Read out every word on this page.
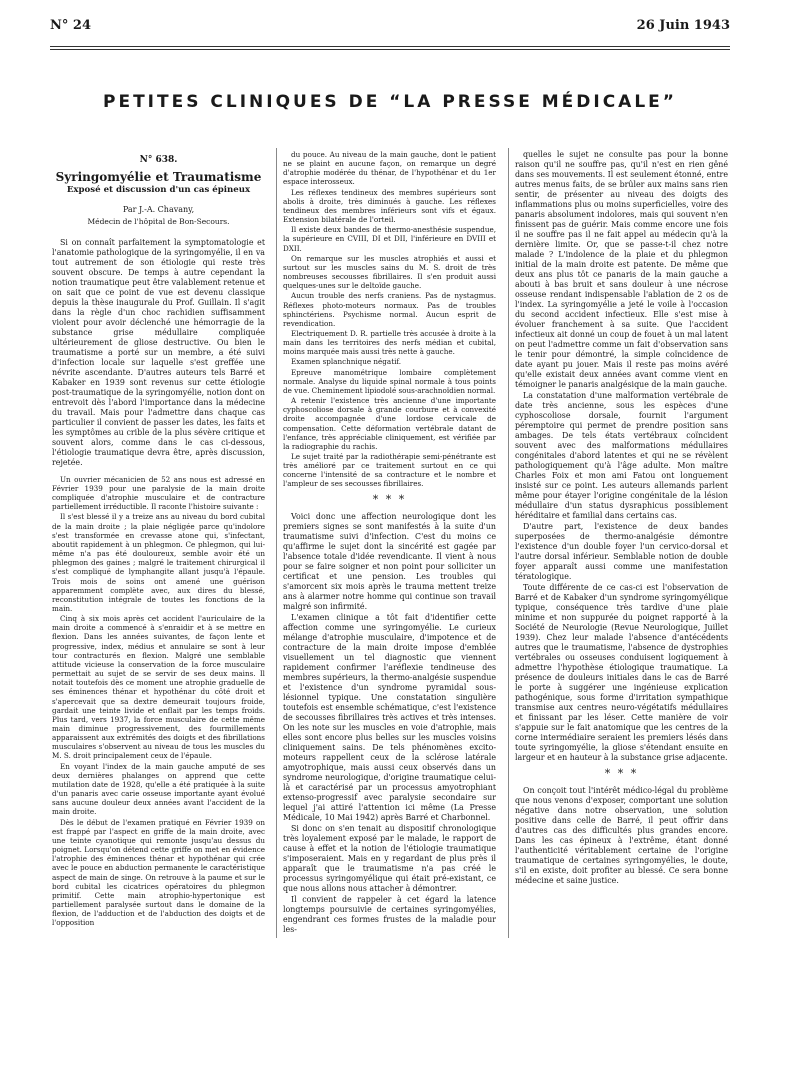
N° 24	26 Juin 1943
PETITES CLINIQUES DE “LA PRESSE MÉDICALE”
N° 638.
Syringomyélie et Traumatisme
Exposé et discussion d'un cas épineux
Par J.-A. Chavany,
Médecin de l'hôpital de Bon-Secours.

Si on connaît parfaitement la symptomatologie et l'anatomie pathologique de la syringomyélie, il en va tout autrement de son étiologie qui reste très souvent obscure. De temps à autre cependant la notion traumatique peut être valablement retenue et on sait que ce point de vue est devenu classique depuis la thèse inaugurale du Prof. Guillain. Il s'agit dans la règle d'un choc rachidien suffisamment violent pour avoir déclenché une hémorragie de la substance grise médullaire compliquée ultérieurement de gliose destructive. Ou bien le traumatisme a porté sur un membre, a été suivi d'infection locale sur laquelle s'est greffée une névrite ascendante. D'autres auteurs tels Barré et Kabaker en 1939 sont revenus sur cette étiologie post-traumatique de la syringomyélie, notion dont on entrevoit dès l'abord l'importance dans la médecine du travail. Mais pour l'admettre dans chaque cas particulier il convient de passer les dates, les faits et les symptômes au crible de la plus sévère critique et souvent alors, comme dans le cas ci-dessous, l'étiologie traumatique devra être, après discussion, rejetée.

Un ouvrier mécanicien de 52 ans nous est adressé en Février 1939 pour une paralysie de la main droite compliquée d'atrophie musculaire et de contracture partiellement irréductible. Il raconte l'histoire suivante :

Il s'est blessé il y a treize ans au niveau du bord cubital de la main droite ; la plaie négligée parce qu'indolore s'est transformée en crevasse atone qui, s'infectant, aboutit rapidement à un phlegmon. Ce phlegmon, qui lui-même n'a pas été douloureux, semble avoir été un phlegmon des gaines ; malgré le traitement chirurgical il s'est compliqué de lymphangite allant jusqu'à l'épaule. Trois mois de soins ont amené une guérison apparemment complète avec, aux dires du blessé, reconstitution intégrale de toutes les fonctions de la main.

Cinq à six mois après cet accident l'auriculaire de la main droite a commencé à s'enraidir et à se mettre en flexion. Dans les années suivantes, de façon lente et progressive, index, médius et annulaire se sont à leur tour contracturés en flexion. Malgré une semblable attitude vicieuse la conservation de la force musculaire permettait au sujet de se servir de ses deux mains. Il notait toutefois dès ce moment une atrophie graduelle de ses éminences thénar et hypothénar du côté droit et s'apercevait que sa dextre demeurait toujours froide, gardait une teinte livide et enflait par les temps froids. Plus tard, vers 1937, la force musculaire de cette même main diminue progressivement, des fourmillements apparaissent aux extrémités des doigts et des fibrillations musculaires s'observent au niveau de tous les muscles du M. S. droit principalement ceux de l'épaule.

En voyant l'index de la main gauche amputé de ses deux dernières phalanges on apprend que cette mutilation date de 1928, qu'elle a été pratiquée à la suite d'un panaris avec carie osseuse importante ayant évolué sans aucune douleur deux années avant l'accident de la main droite.

Dès le début de l'examen pratiqué en Février 1939 on est frappé par l'aspect en griffe de la main droite, avec une teinte cyanotique qui remonte jusqu'au dessus du poignet. Lorsqu'on détend cette griffe on met en évidence l'atrophie des éminences thénar et hypothénar qui crée avec le pouce en abduction permanente le caractéristique aspect de main de singe. On retrouve à la paume et sur le bord cubital les cicatrices opératoires du phlegmon primitif. Cette main atrophio-hypertonique est partiellement paralysée surtout dans le domaine de la flexion, de l'adduction et de l'abduction des doigts et de l'opposition

du pouce. Au niveau de la main gauche, dont le patient ne se plaint en aucune façon, on remarque un degré d'atrophie modérée du thénar, de l'hypothénar et du 1er espace interosseux.

Les réflexes tendineux des membres supérieurs sont abolis à droite, très diminués à gauche. Les réflexes tendineux des membres inférieurs sont vifs et égaux. Extension bilatérale de l'orteil.

Il existe deux bandes de thermo-anesthésie suspendue, la supérieure en CVIII, DI et DII, l'inférieure en DVIII et DXII.

On remarque sur les muscles atrophiés et aussi et surtout sur les muscles sains du M. S. droit de très nombreuses secousses fibrillaires. Il s'en produit aussi quelques-unes sur le deltoïde gauche.

Aucun trouble des nerfs craniens. Pas de nystagmus. Réflexes photo-moteurs normaux. Pas de troubles sphinctériens. Psychisme normal. Aucun esprit de revendication.

Electriquement D. R. partielle très accusée à droite à la main dans les territoires des nerfs médian et cubital, moins marquée mais aussi très nette à gauche.

Examen splanchnique négatif.

Epreuve manométrique lombaire complètement normale. Analyse du liquide spinal normale à tous points de vue. Cheminement lipiodolé sous-arachnoïdien normal.

A retenir l'existence très ancienne d'une importante cyphoscoliose dorsale à grande courbure et à convexité droite accompagnée d'une lordose cervicale de compensation. Cette déformation vertébrale datant de l'enfance, très appréciable cliniquement, est vérifiée par la radiographie du rachis.

Le sujet traité par la radiothérapie semi-pénétrante est très amélioré par ce traitement surtout en ce qui concerne l'intensité de sa contracture et le nombre et l'ampleur de ses secousses fibrillaires.

* * *

Voici donc une affection neurologique dont les premiers signes se sont manifestés à la suite d'un traumatisme suivi d'infection. C'est du moins ce qu'affirme le sujet dont la sincérité est gagée par l'absence totale d'idée revendicante. Il vient à nous pour se faire soigner et non point pour solliciter un certificat et une pension. Les troubles qui s'amorcent six mois après le trauma mettent treize ans à alarmer notre homme qui continue son travail malgré son infirmité.

L'examen clinique a tôt fait d'identifier cette affection comme une syringomyélie. Le curieux mélange d'atrophie musculaire, d'impotence et de contracture de la main droite impose d'emblée visuellement un tel diagnostic que viennent rapidement confirmer l'aréflexie tendineuse des membres supérieurs, la thermo-analgésie suspendue et l'existence d'un syndrome pyramidal sous-lésionnel typique. Une constatation singulière toutefois est ensemble schématique, c'est l'existence de secousses fibrillaires très actives et très intenses. On les note sur les muscles en voie d'atrophie, mais elles sont encore plus belles sur les muscles voisins cliniquement sains. De tels phénomènes excito-moteurs rappellent ceux de la sclérose latérale amyotrophique, mais aussi ceux observés dans un syndrome neurologique, d'origine traumatique celui-là et caractérisé par un processus amyotrophiant extenso-progressif avec paralysie secondaire sur lequel j'ai attiré l'attention ici même (La Presse Médicale, 10 Mai 1942) après Barré et Charbonnel.

Si donc on s'en tenait au dispositif chronologique très loyalement exposé par le malade, le rapport de cause à effet et la notion de l'étiologie traumatique s'imposeraient. Mais en y regardant de plus près il apparaît que le traumatisme n'a pas créé le processus syringomyélique qui était pré-existant, ce que nous allons nous attacher à démontrer.

Il convient de rappeler à cet égard la latence longtemps poursuivie de certaines syringomyélies, engendrant ces formes frustes de la maladie pour les-

quelles le sujet ne consulte pas pour la bonne raison qu'il ne souffre pas, qu'il n'est en rien gêné dans ses mouvements. Il est seulement étonné, entre autres menus faits, de se brûler aux mains sans rien sentir, de présenter au niveau des doigts des inflammations plus ou moins superficielles, voire des panaris absolument indolores, mais qui souvent n'en finissent pas de guérir. Mais comme encore une fois il ne souffre pas il ne fait appel au médecin qu'à la dernière limite. Or, que se passe-t-il chez notre malade ? L'indolence de la plaie et du phlegmon initial de la main droite est patente. De même que deux ans plus tôt ce panaris de la main gauche a abouti à bas bruit et sans douleur à une nécrose osseuse rendant indispensable l'ablation de 2 os de l'index. La syringomyélie a jeté le voile à l'occasion du second accident infectieux. Elle s'est mise à évoluer franchement à sa suite. Que l'accident infectieux ait donné un coup de fouet à un mal latent on peut l'admettre comme un fait d'observation sans le tenir pour démontré, la simple coïncidence de date ayant pu jouer. Mais il reste pas moins avéré qu'elle existait deux années avant comme vient en témoigner le panaris analgésique de la main gauche.

La constatation d'une malformation vertébrale de date très ancienne, sous les espèces d'une cyphoscoliose dorsale, fournit l'argument péremptoire qui permet de prendre position sans ambages. De tels états vertébraux coïncident souvent avec des malformations médullaires congénitales d'abord latentes et qui ne se révèlent pathologiquement qu'à l'âge adulte. Mon maître Charles Foix et mon ami Fatou ont longuement insisté sur ce point. Les auteurs allemands parlent même pour étayer l'origine congénitale de la lésion médullaire d'un status dysraphicus possiblement héréditaire et familial dans certains cas.

D'autre part, l'existence de deux bandes superposées de thermo-analgésie démontre l'existence d'un double foyer l'un cervico-dorsal et l'autre dorsal inférieur. Semblable notion de double foyer apparaît aussi comme une manifestation tératologique.

Toute différente de ce cas-ci est l'observation de Barré et de Kabaker d'un syndrome syringomyélique typique, conséquence très tardive d'une plaie minime et non suppurée du poignet rapporté à la Société de Neurologie (Revue Neurologique, Juillet 1939). Chez leur malade l'absence d'antécédents autres que le traumatisme, l'absence de dystrophies vertébrales ou osseuses conduisent logiquement à admettre l'hypothèse étiologique traumatique. La présence de douleurs initiales dans le cas de Barré le porte à suggérer une ingénieuse explication pathogénique, sous forme d'irritation sympathique transmise aux centres neuro-végétatifs médullaires et finissant par les léser. Cette manière de voir s'appuie sur le fait anatomique que les centres de la corne intermédiaire seraient les premiers lésés dans toute syringomyélie, la gliose s'étendant ensuite en largeur et en hauteur à la substance grise adjacente.

* * *

On conçoit tout l'intérêt médico-légal du problème que nous venons d'exposer, comportant une solution négative dans notre observation, une solution positive dans celle de Barré, il peut offrir dans d'autres cas des difficultés plus grandes encore. Dans les cas épineux à l'extrême, étant donné l'authenticité véritablement certaine de l'origine traumatique de certaines syringomyélies, le doute, s'il en existe, doit profiter au blessé. Ce sera bonne médecine et saine justice.
